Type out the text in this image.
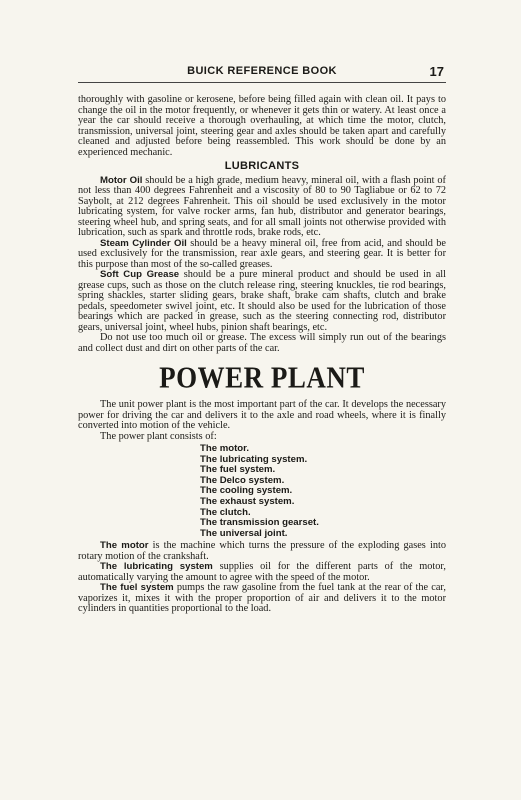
BUICK REFERENCE BOOK	17

thoroughly with gasoline or kerosene, before being filled again with clean oil. It pays to change the oil in the motor frequently, or whenever it gets thin or watery. At least once a year the car should receive a thorough overhauling, at which time the motor, clutch, transmission, universal joint, steering gear and axles should be taken apart and carefully cleaned and adjusted before being reassembled. This work should be done by an experienced mechanic.

LUBRICANTS

Motor Oil should be a high grade, medium heavy, mineral oil, with a flash point of not less than 400 degrees Fahrenheit and a viscosity of 80 to 90 Tagliabue or 62 to 72 Saybolt, at 212 degrees Fahrenheit. This oil should be used exclusively in the motor lubricating system, for valve rocker arms, fan hub, distributor and generator bearings, steering wheel hub, and spring seats, and for all small joints not otherwise provided with lubrication, such as spark and throttle rods, brake rods, etc.

Steam Cylinder Oil should be a heavy mineral oil, free from acid, and should be used exclusively for the transmission, rear axle gears, and steering gear. It is better for this purpose than most of the so-called greases.

Soft Cup Grease should be a pure mineral product and should be used in all grease cups, such as those on the clutch release ring, steering knuckles, tie rod bearings, spring shackles, starter sliding gears, brake shaft, brake cam shafts, clutch and brake pedals, speedometer swivel joint, etc. It should also be used for the lubrication of those bearings which are packed in grease, such as the steering connecting rod, distributor gears, universal joint, wheel hubs, pinion shaft bearings, etc.

Do not use too much oil or grease. The excess will simply run out of the bearings and collect dust and dirt on other parts of the car.

POWER PLANT

The unit power plant is the most important part of the car. It develops the necessary power for driving the car and delivers it to the axle and road wheels, where it is finally converted into motion of the vehicle.

The power plant consists of:

The motor.
The lubricating system.
The fuel system.
The Delco system.
The cooling system.
The exhaust system.
The clutch.
The transmission gearset.
The universal joint.

The motor is the machine which turns the pressure of the exploding gases into rotary motion of the crankshaft.

The lubricating system supplies oil for the different parts of the motor, automatically varying the amount to agree with the speed of the motor.

The fuel system pumps the raw gasoline from the fuel tank at the rear of the car, vaporizes it, mixes it with the proper proportion of air and delivers it to the motor cylinders in quantities proportional to the load.
